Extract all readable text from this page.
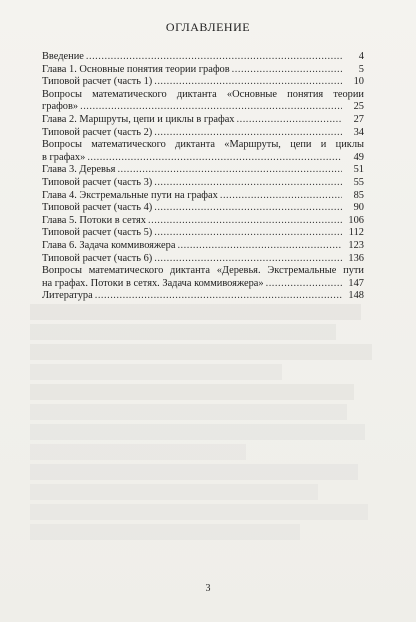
ОГЛАВЛЕНИЕ
Введение .....	4
Глава 1. Основные понятия теории графов .....	5
Типовой расчет (часть 1) .....	10
Вопросы математического диктанта «Основные понятия теории
графов» .....	25
Глава 2. Маршруты, цепи и циклы в графах .....	27
Типовой расчет (часть 2) .....	34
Вопросы математического диктанта «Маршруты, цепи и циклы
в графах» .....	49
Глава 3. Деревья .....	51
Типовой расчет (часть 3) .....	55
Глава 4. Экстремальные пути на графах .....	85
Типовой расчет (часть 4) .....	90
Глава 5. Потоки в сетях .....	106
Типовой расчет (часть 5) .....	112
Глава 6. Задача коммивояжера .....	123
Типовой расчет (часть 6) .....	136
Вопросы математического диктанта «Деревья. Экстремальные пути
на графах. Потоки в сетях. Задача коммивояжера» .....	147
Литература .....	148
3
